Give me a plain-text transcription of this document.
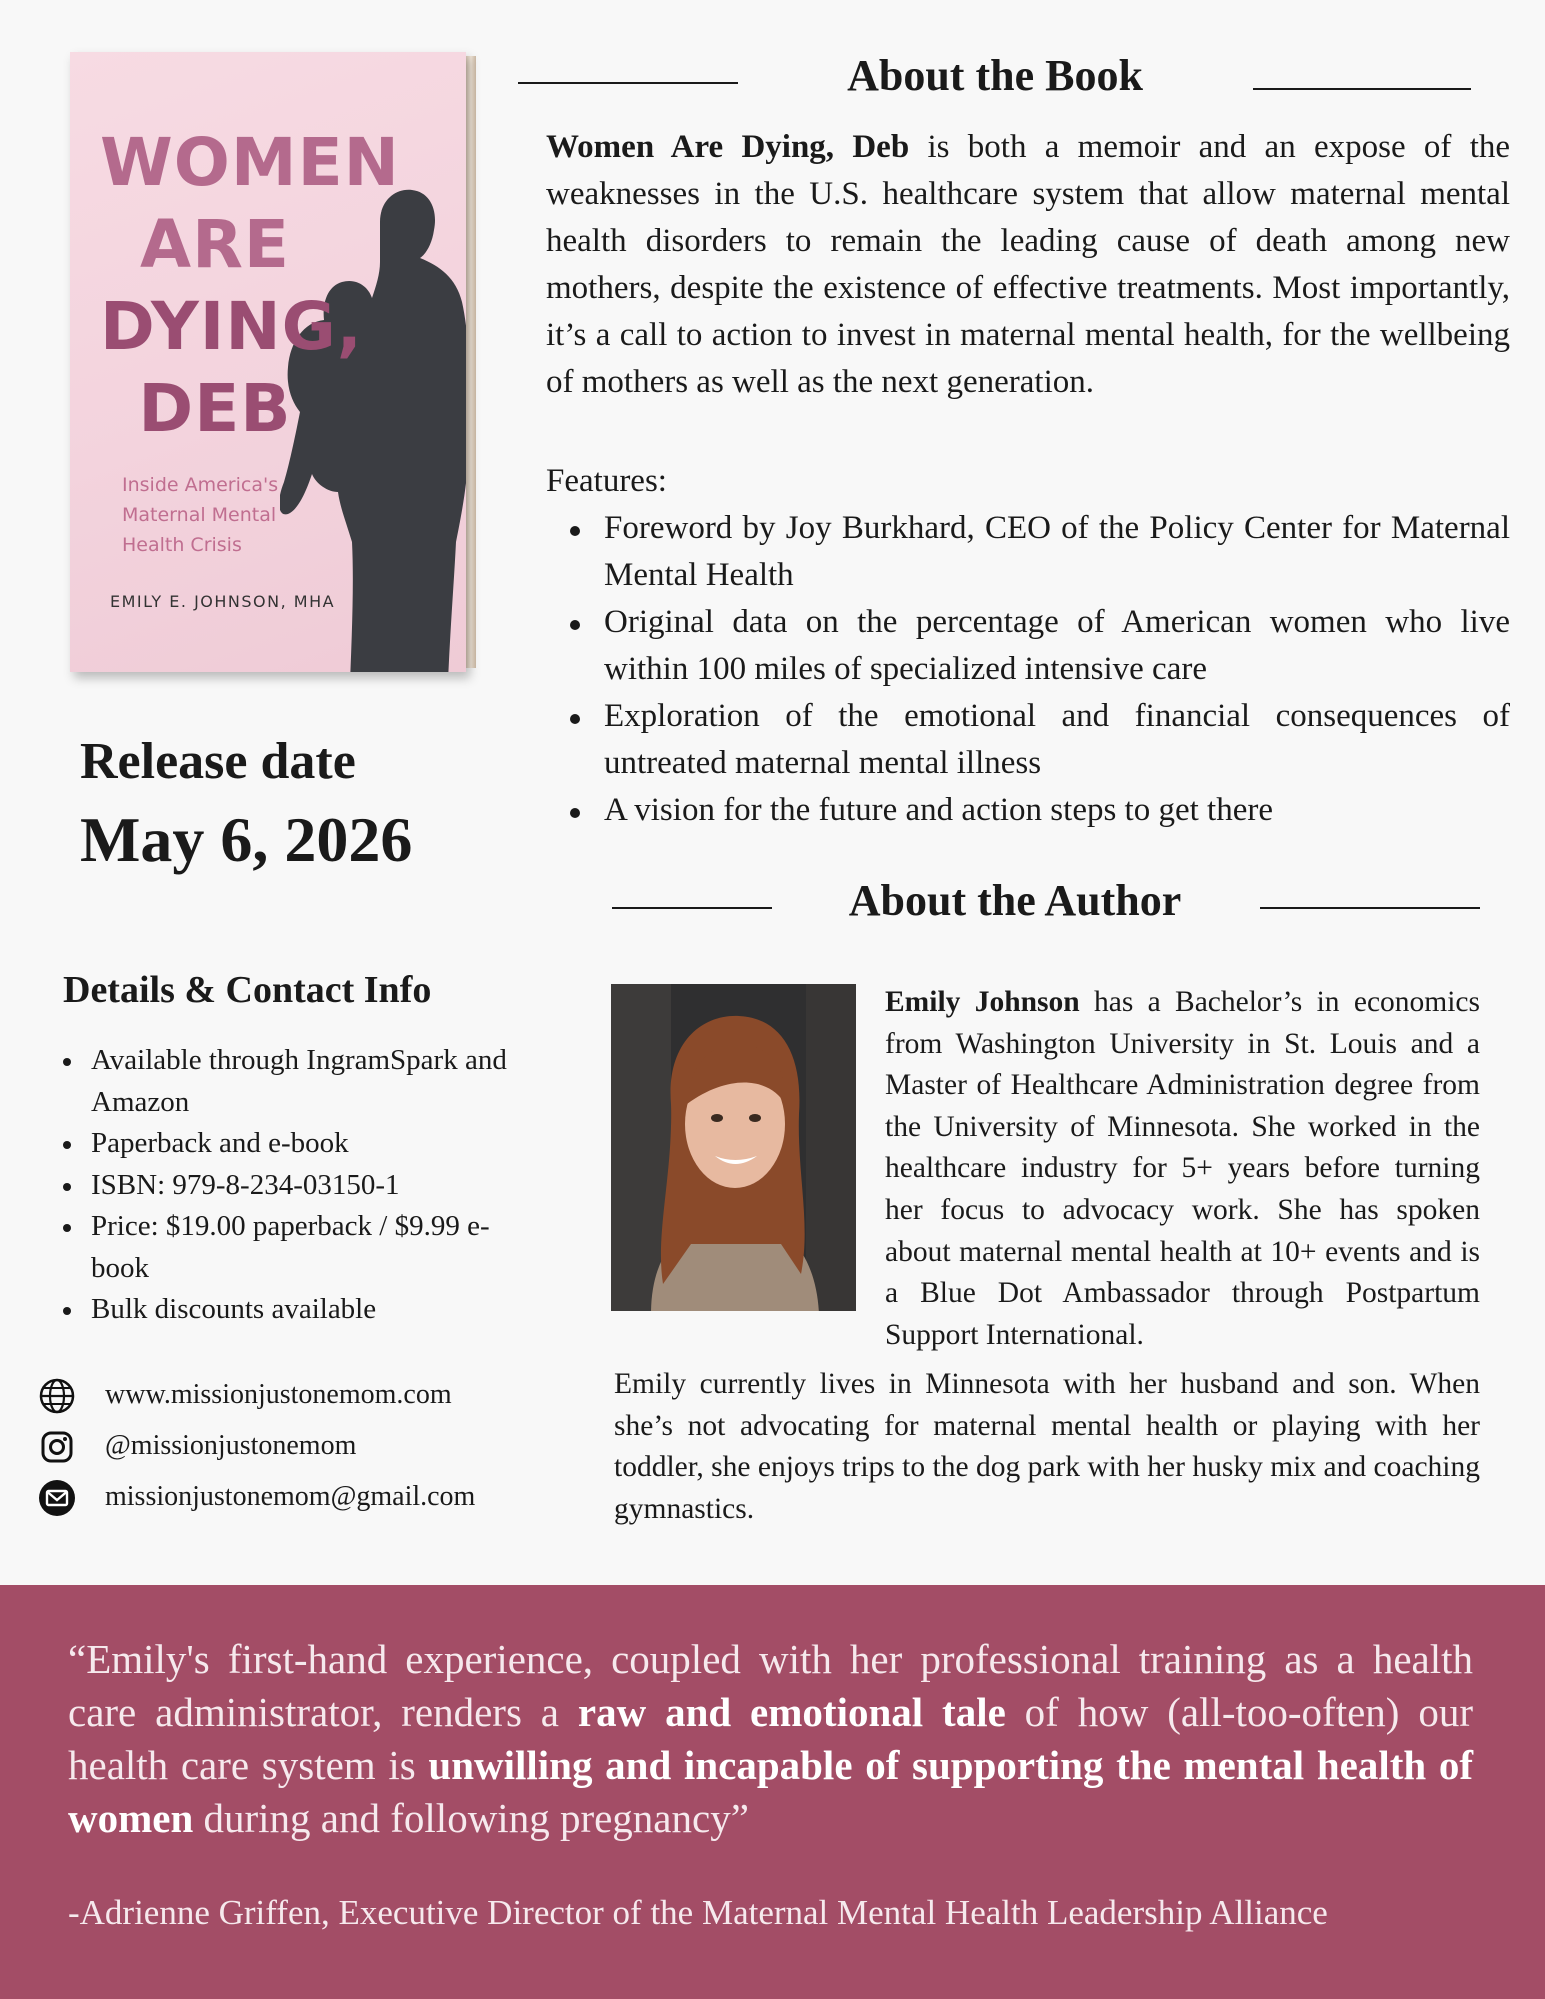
WOMEN
ARE
DYING,
DEB
Inside America's Maternal Mental Health Crisis
EMILY E. JOHNSON, MHA
Release date
May 6, 2026
About the Book
Women Are Dying, Deb is both a memoir and an expose of the weaknesses in the U.S. healthcare system that allow maternal mental health disorders to remain the leading cause of death among new mothers, despite the existence of effective treatments. Most importantly, it’s a call to action to invest in maternal mental health, for the wellbeing of mothers as well as the next generation.
Features:
Foreword by Joy Burkhard, CEO of the Policy Center for Maternal Mental Health
Original data on the percentage of American women who live within 100 miles of specialized intensive care
Exploration of the emotional and financial consequences of untreated maternal mental illness
A vision for the future and action steps to get there
About the Author
Emily Johnson has a Bachelor’s in economics from Washington University in St. Louis and a Master of Healthcare Administration degree from the University of Minnesota. She worked in the healthcare industry for 5+ years before turning her focus to advocacy work. She has spoken about maternal mental health at 10+ events and is a Blue Dot Ambassador through Postpartum Support International.
Emily currently lives in Minnesota with her husband and son. When she’s not advocating for maternal mental health or playing with her toddler, she enjoys trips to the dog park with her husky mix and coaching gymnastics.
Details & Contact Info
Available through IngramSpark and Amazon
Paperback and e-book
ISBN: 979-8-234-03150-1
Price: $19.00 paperback / $9.99 e-book
Bulk discounts available
www.missionjustonemom.com
@missionjustonemom
missionjustonemom@gmail.com
“Emily's first-hand experience, coupled with her professional training as a health care administrator, renders a raw and emotional tale of how (all-too-often) our health care system is unwilling and incapable of supporting the mental health of women during and following pregnancy”
-Adrienne Griffen, Executive Director of the Maternal Mental Health Leadership Alliance
